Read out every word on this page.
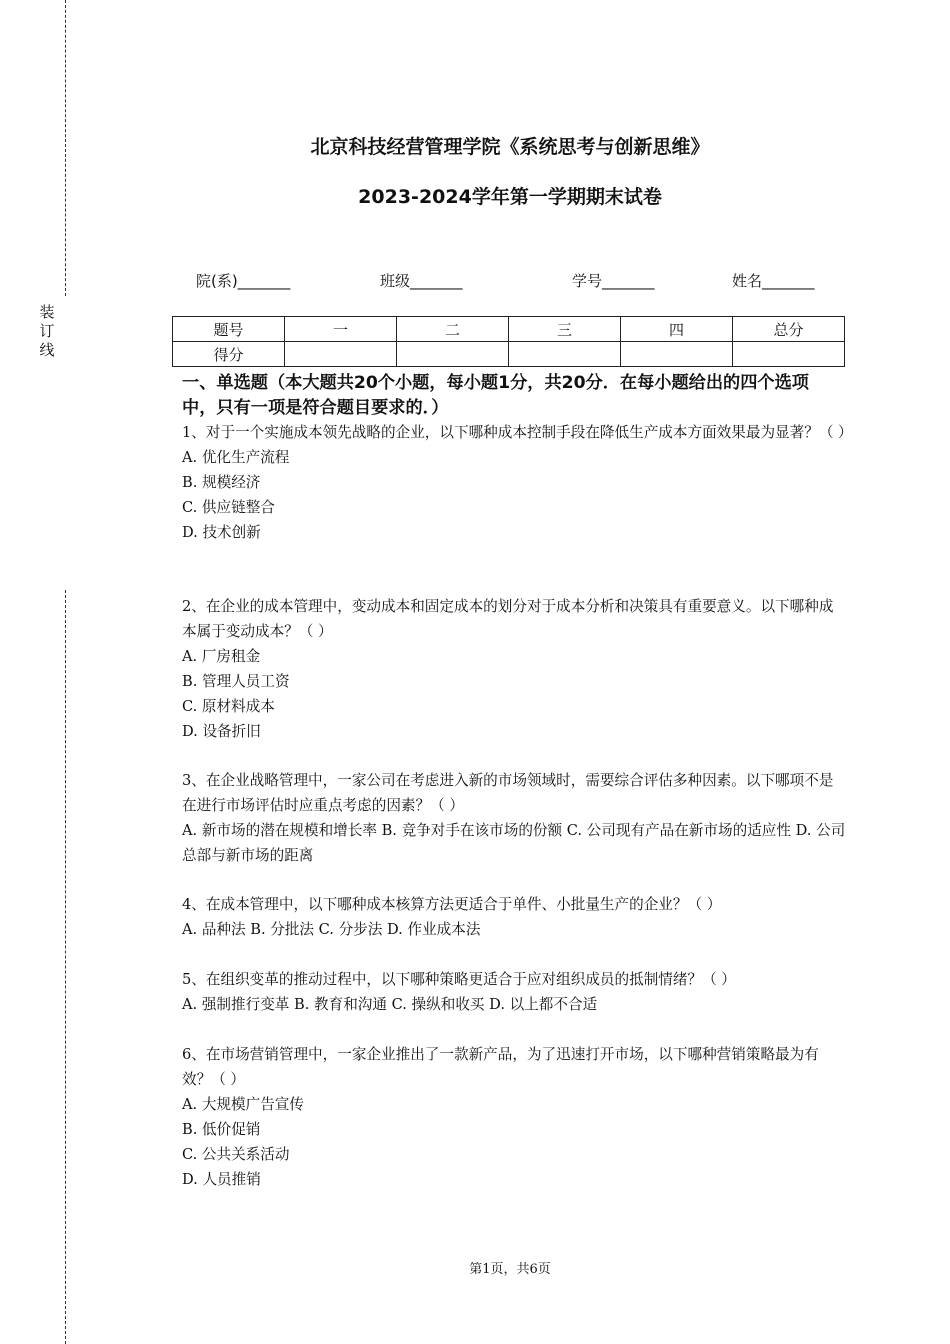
装
订
线
北京科技经营管理学院《系统思考与创新思维》
2023-2024学年第一学期期末试卷
院(系)_______	班级_______	学号_______	姓名_______
题号	一	二	三	四	总分
得分					
一、单选题（本大题共20个小题，每小题1分，共20分．在每小题给出的四个选项中，只有一项是符合题目要求的．）

1、对于一个实施成本领先战略的企业，以下哪种成本控制手段在降低生产成本方面效果最为显著？（ ）

A. 优化生产流程

B. 规模经济

C. 供应链整合

D. 技术创新

2、在企业的成本管理中，变动成本和固定成本的划分对于成本分析和决策具有重要意义。以下哪种成本属于变动成本？（ ）

A. 厂房租金

B. 管理人员工资

C. 原材料成本

D. 设备折旧

3、在企业战略管理中，一家公司在考虑进入新的市场领域时，需要综合评估多种因素。以下哪项不是在进行市场评估时应重点考虑的因素？（ ）

A. 新市场的潜在规模和增长率 B. 竞争对手在该市场的份额 C. 公司现有产品在新市场的适应性 D. 公司总部与新市场的距离

4、在成本管理中，以下哪种成本核算方法更适合于单件、小批量生产的企业？（ ）

A. 品种法 B. 分批法 C. 分步法 D. 作业成本法

5、在组织变革的推动过程中，以下哪种策略更适合于应对组织成员的抵制情绪？（ ）

A. 强制推行变革 B. 教育和沟通 C. 操纵和收买 D. 以上都不合适

6、在市场营销管理中，一家企业推出了一款新产品，为了迅速打开市场，以下哪种营销策略最为有效？（ ）

A. 大规模广告宣传

B. 低价促销

C. 公共关系活动

D. 人员推销

第1页，共6页
